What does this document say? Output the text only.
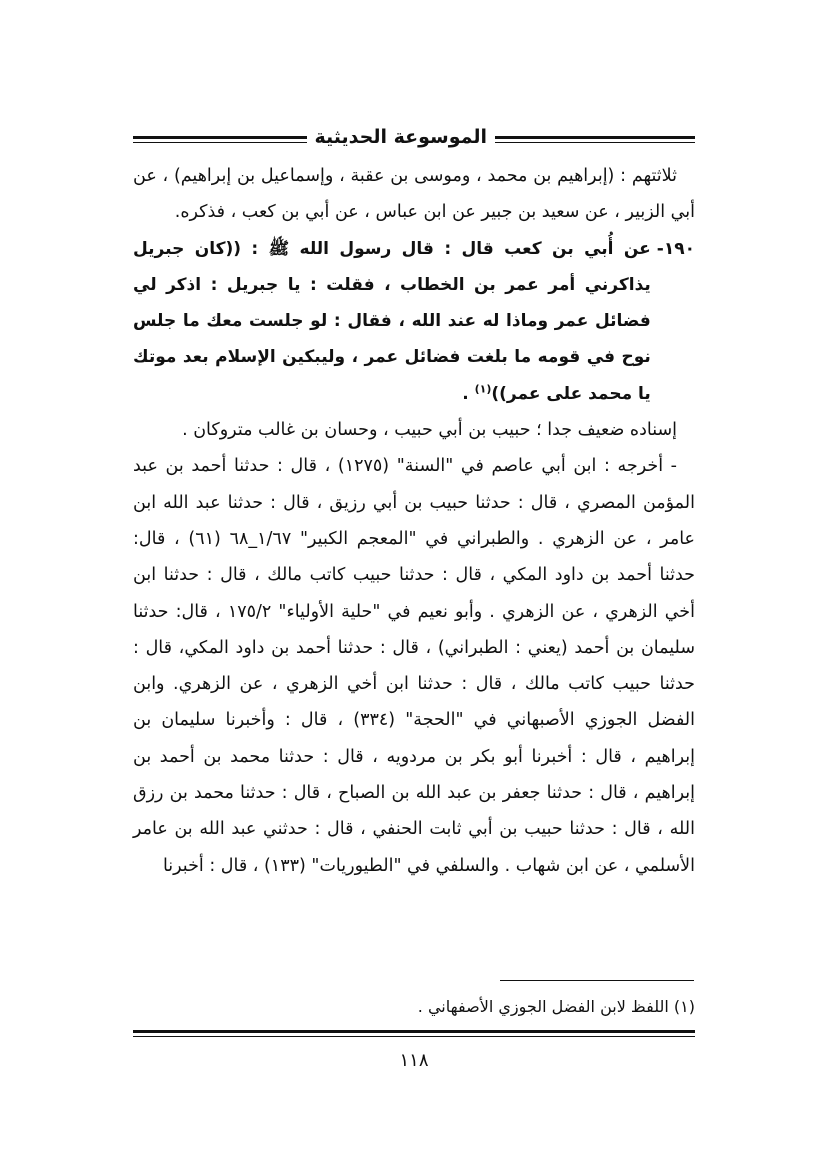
الموسوعة الحديثية

ثلاثتهم : (إبراهيم بن محمد ، وموسى بن عقبة ، وإسماعيل بن إبراهيم) ، عن أبي الزبير ، عن سعيد بن جبير عن ابن عباس ، عن أبي بن كعب ، فذكره.

١٩٠-

عن أُبي بن كعب قال : قال رسول الله ﷺ : ((كان جبريل يذاكرني أمر عمر بن الخطاب ، فقلت : يا جبريل : اذكر لي فضائل عمر وماذا له عند الله ، فقال : لو جلست معك ما جلس نوح في قومه ما بلغت فضائل عمر ، وليبكين الإسلام بعد موتك يا محمد على عمر))$^{(١)}$ .

إسناده ضعيف جدا ؛ حبيب بن أبي حبيب ، وحسان بن غالب متروكان .

- أخرجه : ابن أبي عاصم في "السنة" (١٢٧٥) ، قال : حدثنا أحمد بن عبد المؤمن المصري ، قال : حدثنا حبيب بن أبي رزيق ، قال : حدثنا عبد الله ابن عامر ، عن الزهري . والطبراني في "المعجم الكبير" ١/٦٧_٦٨ (٦١) ، قال: حدثنا أحمد بن داود المكي ، قال : حدثنا حبيب كاتب مالك ، قال : حدثنا ابن أخي الزهري ، عن الزهري . وأبو نعيم في "حلية الأولياء" ١٧٥/٢ ، قال: حدثنا سليمان بن أحمد (يعني : الطبراني) ، قال : حدثنا أحمد بن داود المكي، قال : حدثنا حبيب كاتب مالك ، قال : حدثنا ابن أخي الزهري ، عن الزهري. وابن الفضل الجوزي الأصبهاني في "الحجة" (٣٣٤) ، قال : وأخبرنا سليمان بن إبراهيم ، قال : أخبرنا أبو بكر بن مردويه ، قال : حدثنا محمد بن أحمد بن إبراهيم ، قال : حدثنا جعفر بن عبد الله بن الصباح ، قال : حدثنا محمد بن رزق الله ، قال : حدثنا حبيب بن أبي ثابت الحنفي ، قال : حدثني عبد الله بن عامر الأسلمي ، عن ابن شهاب . والسلفي في "الطيوريات" (١٣٣) ، قال : أخبرنا

(١) اللفظ لابن الفضل الجوزي الأصفهاني .
١١٨
